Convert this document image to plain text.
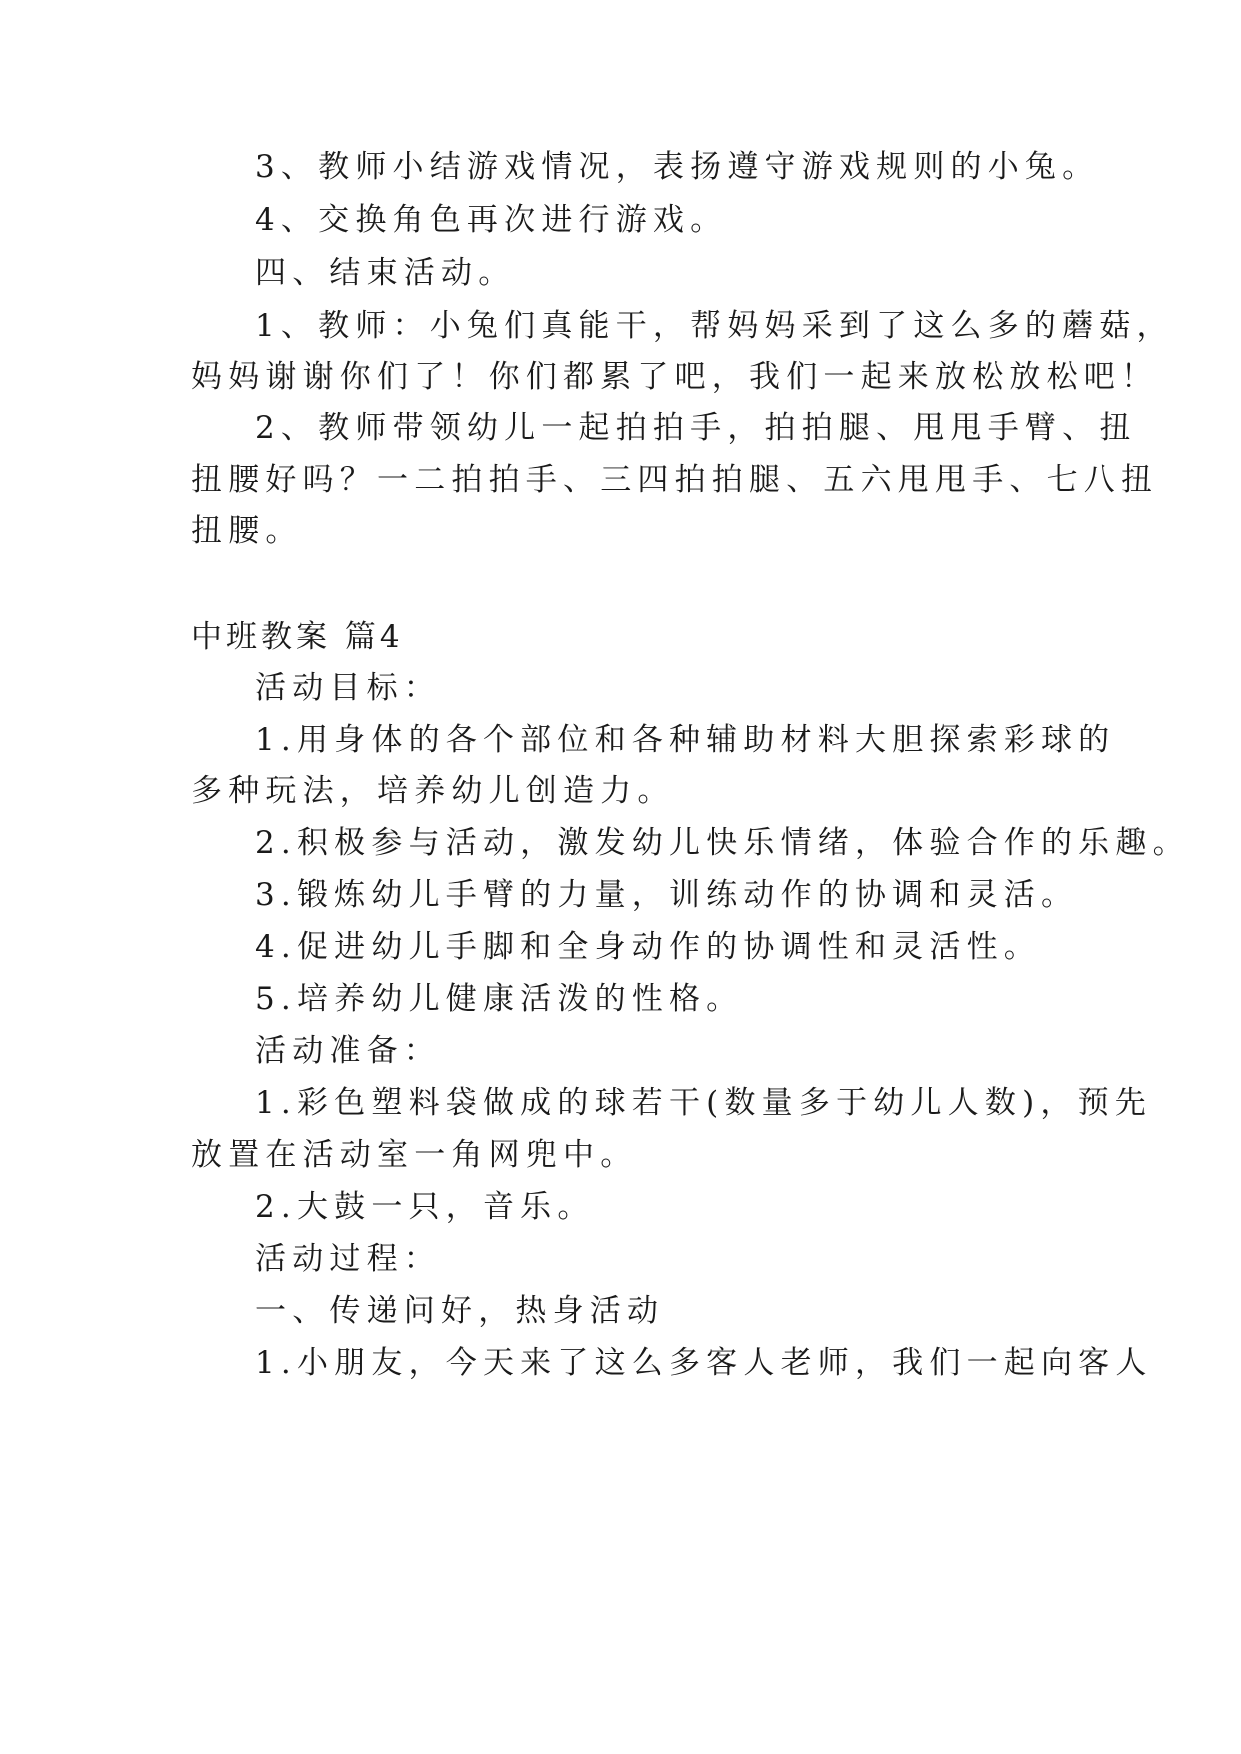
3、教师小结游戏情况，表扬遵守游戏规则的小兔。
4、交换角色再次进行游戏。
四、结束活动。
1、教师：小兔们真能干，帮妈妈采到了这么多的蘑菇，
妈妈谢谢你们了！你们都累了吧，我们一起来放松放松吧！
2、教师带领幼儿一起拍拍手，拍拍腿、甩甩手臂、扭
扭腰好吗？一二拍拍手、三四拍拍腿、五六甩甩手、七八扭
扭腰。
中班教案 篇4
活动目标：
1.用身体的各个部位和各种辅助材料大胆探索彩球的
多种玩法，培养幼儿创造力。
2.积极参与活动，激发幼儿快乐情绪，体验合作的乐趣。
3.锻炼幼儿手臂的力量，训练动作的协调和灵活。
4.促进幼儿手脚和全身动作的协调性和灵活性。
5.培养幼儿健康活泼的性格。
活动准备：
1.彩色塑料袋做成的球若干(数量多于幼儿人数)，预先
放置在活动室一角网兜中。
2.大鼓一只，音乐。
活动过程：
一、传递问好，热身活动
1.小朋友，今天来了这么多客人老师，我们一起向客人
